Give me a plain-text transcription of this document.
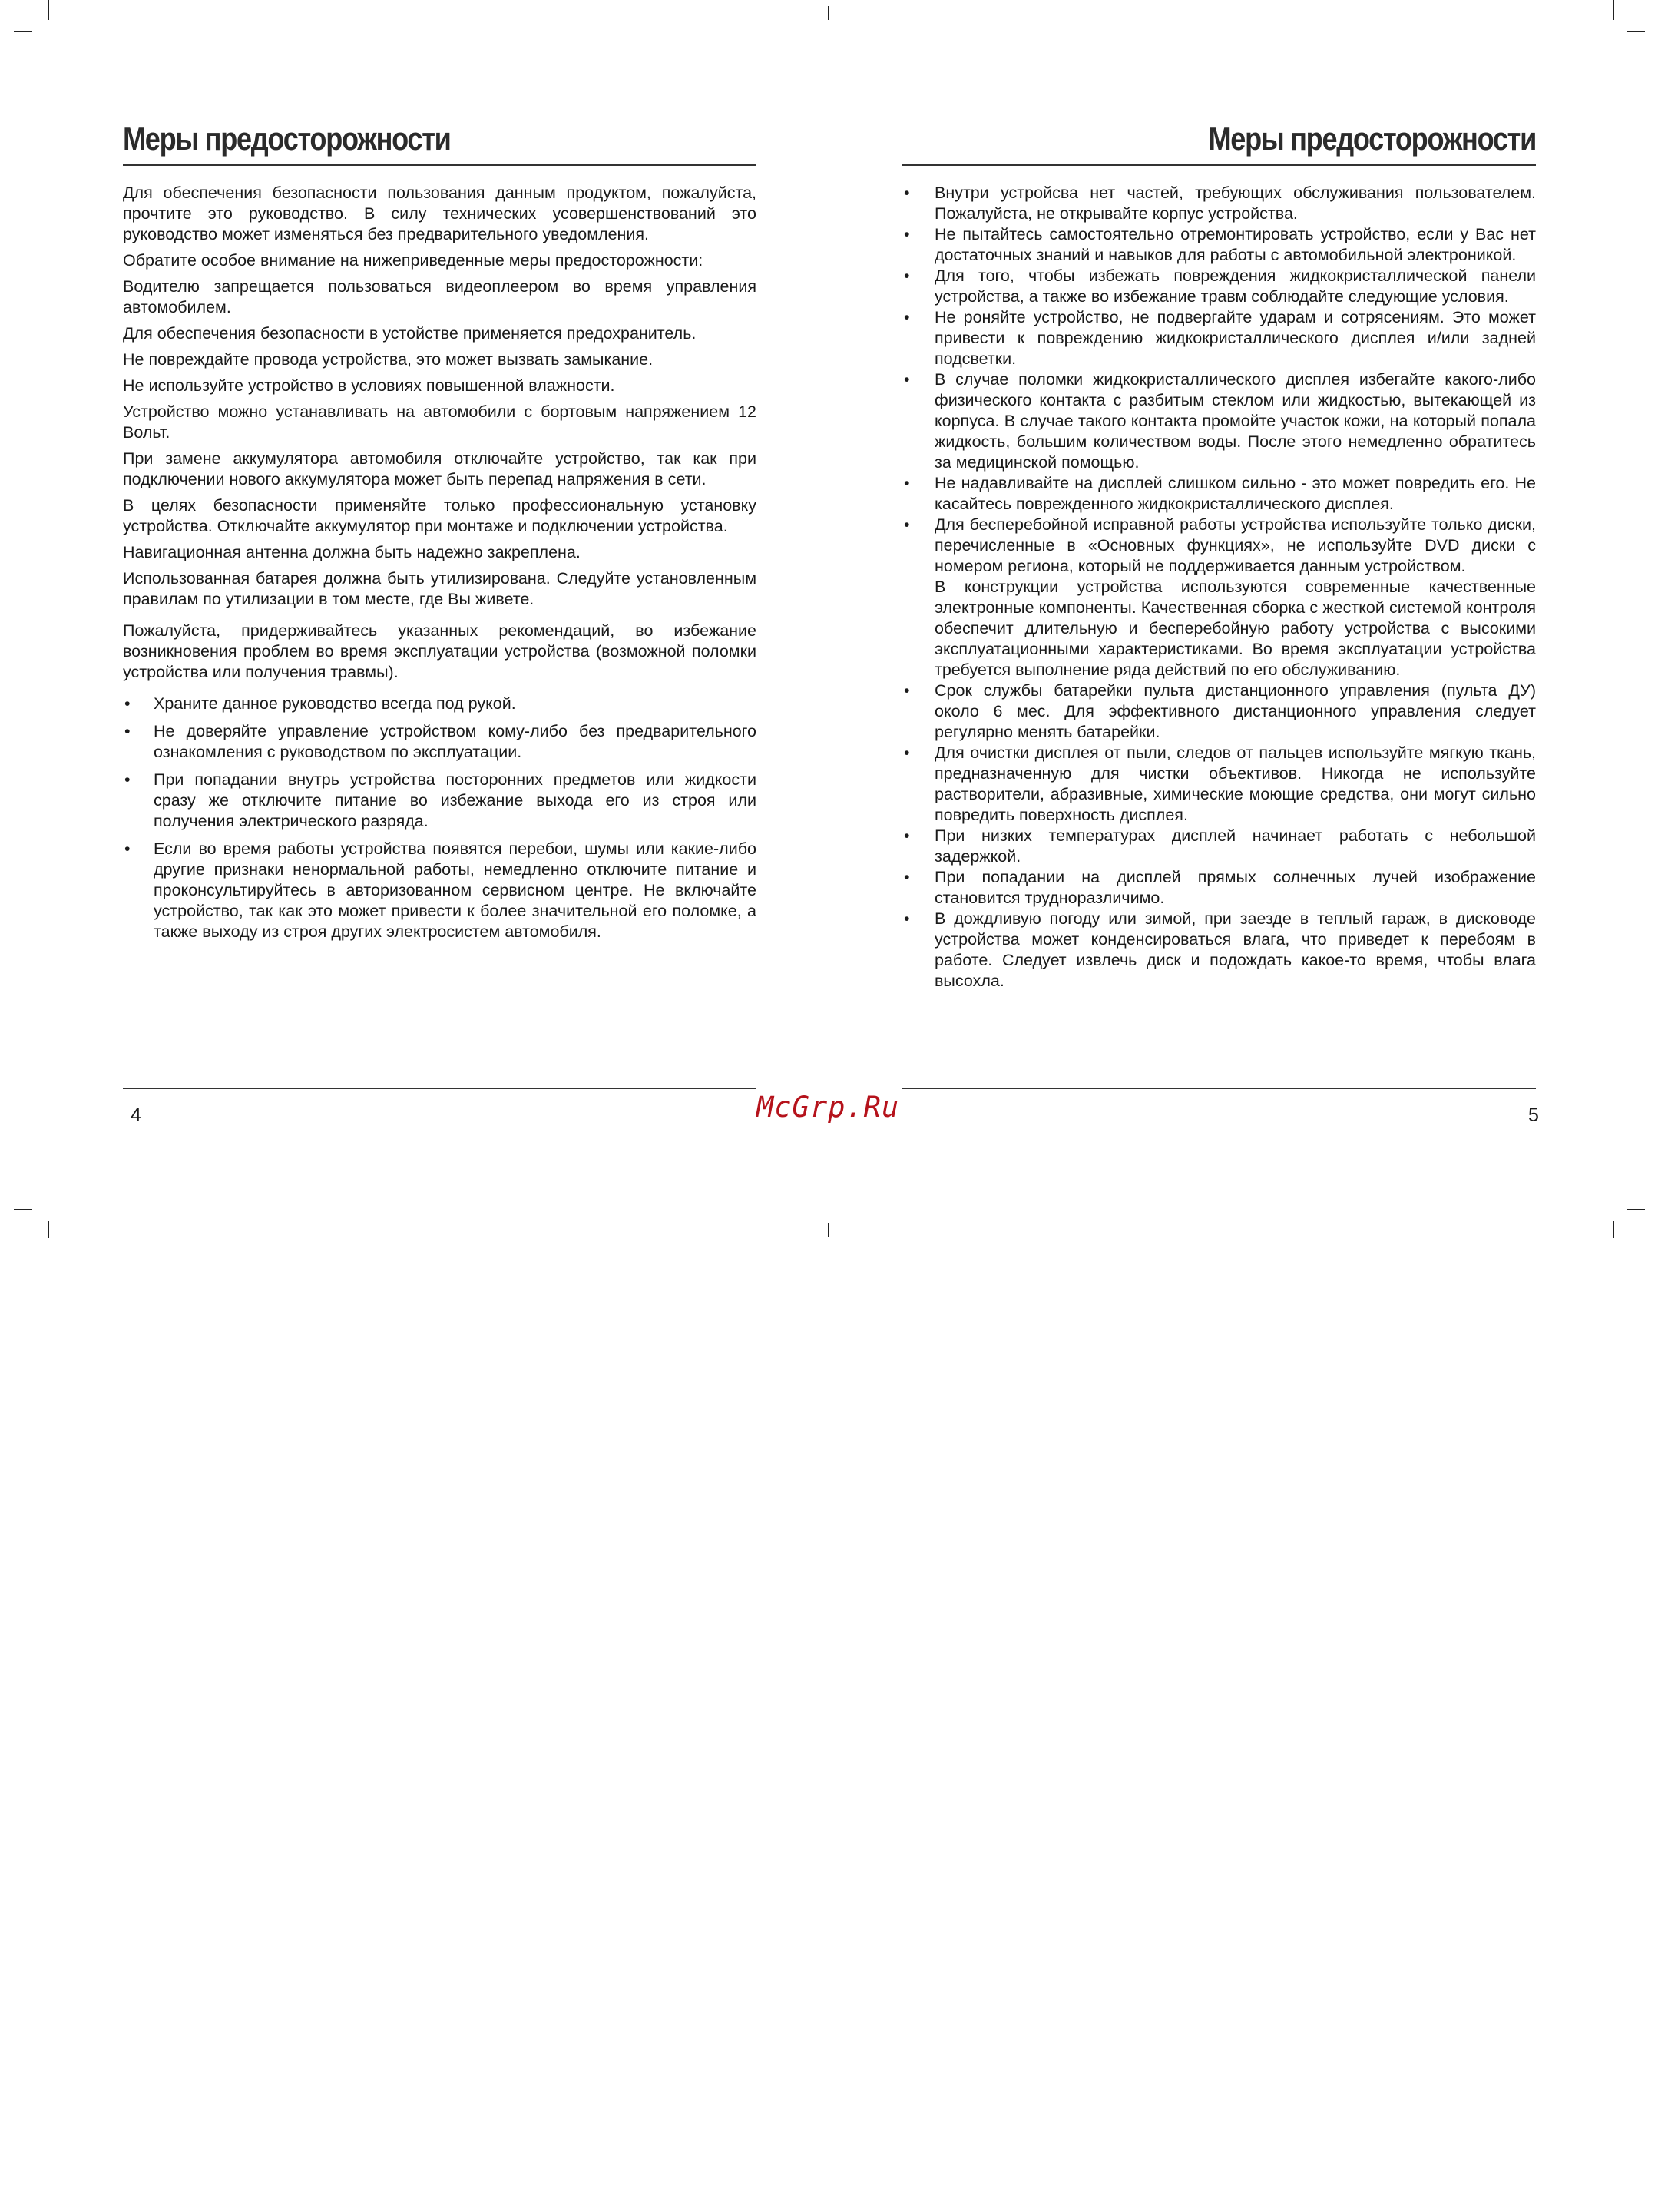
Меры предосторожности

Для обеспечения безопасности пользования данным продуктом, пожалуйста, прочтите это руководство. В силу технических усовершенствований это руководство может изменяться без предварительного уведомления.

Обратите особое внимание на нижеприведенные меры предосторожности:

Водителю запрещается пользоваться видеоплеером во время управления автомобилем.

Для обеспечения безопасности в устойстве применяется предохранитель.

Не повреждайте провода устройства, это может вызвать замыкание.

Не используйте устройство в условиях повышенной влажности.

Устройство можно устанавливать на автомобили с бортовым напряжением 12 Вольт.

При замене аккумулятора автомобиля отключайте устройство, так как при подключении нового аккумулятора может быть перепад напряжения в сети.

В целях безопасности применяйте только профессиональную установку устройства. Отключайте аккумулятор при монтаже и подключении устройства.

Навигационная антенна должна быть надежно закреплена.

Использованная батарея должна быть утилизирована. Следуйте установленным правилам по утилизации в том месте, где Вы живете.

Пожалуйста, придерживайтесь указанных рекомендаций, во избежание возникновения проблем во время эксплуатации устройства (возможной поломки устройства или получения травмы).

• Храните данное руководство всегда под рукой.
• Не доверяйте управление устройством кому-либо без предварительного ознакомления с руководством по эксплуатации.
• При попадании внутрь устройства посторонних предметов или жидкости сразу же отключите питание во избежание выхода его из строя или получения электрического разряда.
• Если во время работы устройства появятся перебои, шумы или какие-либо другие признаки ненормальной работы, немедленно отключите питание и проконсультируйтесь в авторизованном сервисном центре. Не включайте устройство, так как это может привести к более значительной его поломке, а также выходу из строя других электросистем автомобиля.
4
Меры предосторожности
• Внутри устройсва нет частей, требующих обслуживания пользователем. Пожалуйста, не открывайте корпус устройства.
• Не пытайтесь самостоятельно отремонтировать устройство, если у Вас нет достаточных знаний и навыков для работы с автомобильной электроникой.
• Для того, чтобы избежать повреждения жидкокристаллической панели устройства, а также во избежание травм соблюдайте следующие условия.
• Не роняйте устройство, не подвергайте ударам и сотрясениям. Это может привести к повреждению жидкокристаллического дисплея и/или задней подсветки.
• В случае поломки жидкокристаллического дисплея избегайте какого-либо физического контакта с разбитым стеклом или жидкостью, вытекающей из корпуса. В случае такого контакта промойте участок кожи, на который попала жидкость, большим количеством воды. После этого немедленно обратитесь за медицинской помощью.
• Не надавливайте на дисплей слишком сильно - это может повредить его. Не касайтесь поврежденного жидкокристаллического дисплея.
• Для бесперебойной исправной работы устройства используйте только диски, перечисленные в «Основных функциях», не используйте DVD диски с номером региона, который не поддерживается данным устройством.
В конструкции устройства используются современные качественные электронные компоненты. Качественная сборка с жесткой системой контроля обеспечит длительную и бесперебойную работу устройства с высокими эксплуатационными характеристиками. Во время эксплуатации устройства требуется выполнение ряда действий по его обслуживанию.
• Срок службы батарейки пульта дистанционного управления (пульта ДУ) около 6 мес. Для эффективного дистанционного управления следует регулярно менять батарейки.
• Для очистки дисплея от пыли, следов от пальцев используйте мягкую ткань, предназначенную для чистки объективов. Никогда не используйте растворители, абразивные, химические моющие средства, они могут сильно повредить поверхность дисплея.
• При низких температурах дисплей начинает работать с небольшой задержкой.
• При попадании на дисплей прямых солнечных лучей изображение становится трудноразличимо.
• В дождливую погоду или зимой, при заезде в теплый гараж, в дисководе устройства может конденсироваться влага, что приведет к перебоям в работе. Следует извлечь диск и подождать какое-то время, чтобы влага высохла.
5
McGrp.Ru
